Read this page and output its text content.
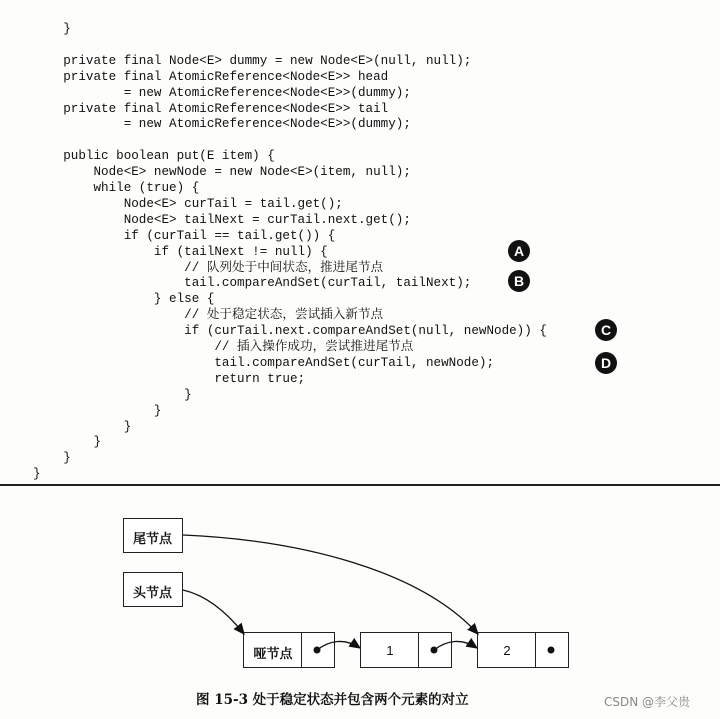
}
private final Node<E> dummy = new Node<E>(null, null);
private final AtomicReference<Node<E>> head
= new AtomicReference<Node<E>>(dummy);
private final AtomicReference<Node<E>> tail
= new AtomicReference<Node<E>>(dummy);
public boolean put(E item) {
Node<E> newNode = new Node<E>(item, null);
while (true) {
Node<E> curTail = tail.get();
Node<E> tailNext = curTail.next.get();
if (curTail == tail.get()) {
if (tailNext != null) {
// 队列处于中间状态，推进尾节点
tail.compareAndSet(curTail, tailNext);
} else {
// 处于稳定状态，尝试插入新节点
if (curTail.next.compareAndSet(null, newNode)) {
// 插入操作成功，尝试推进尾节点
tail.compareAndSet(curTail, newNode);
return true;
}
}
}
}
}
}
A
B
C
D
尾节点
头节点
哑节点	1	2
图 15-3 处于稳定状态并包含两个元素的对立	CSDN @李父贵
